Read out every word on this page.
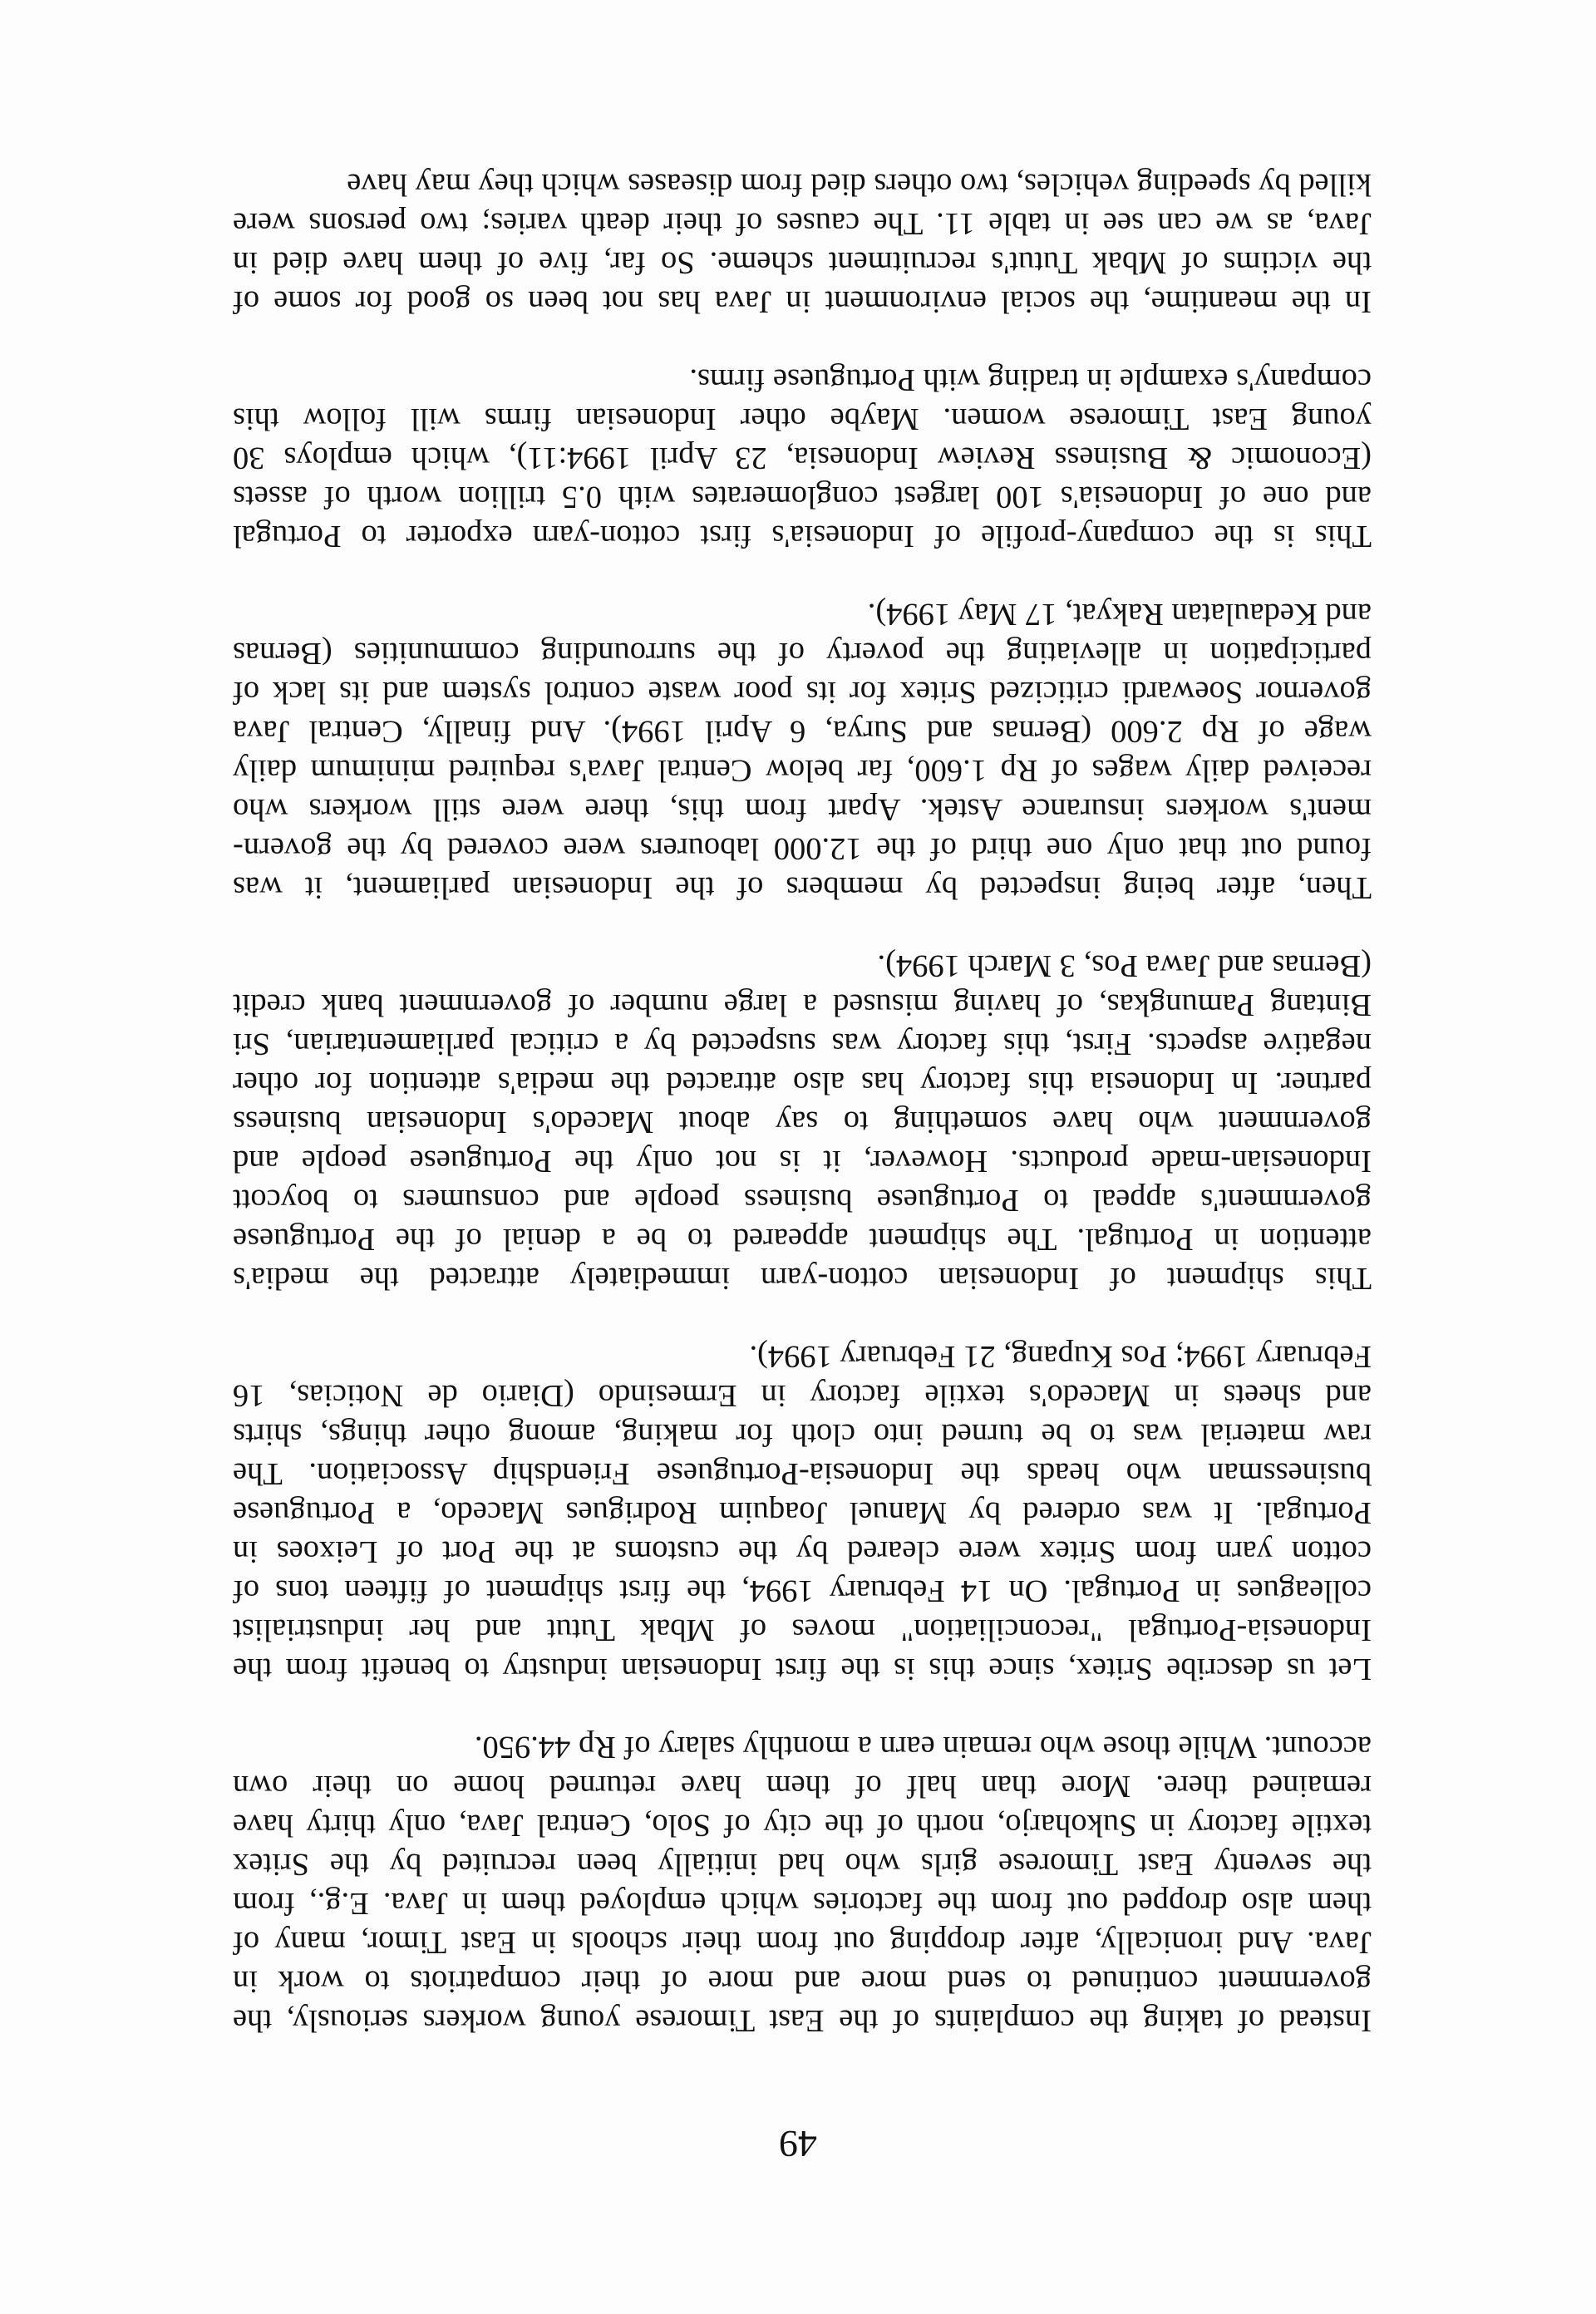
Instead of taking the complaints of the East Timorese young workers seriously, the
government continued to send more and more of their compatriots to work in
Java. And ironically, after dropping out from their schools in East Timor, many of
them also dropped out from the factories which employed them in Java. E.g., from
the seventy East Timorese girls who had initially been recruited by the Sritex
textile factory in Sukoharjo, north of the city of Solo, Central Java, only thirty have
remained there. More than half of them have returned home on their own
account. While those who remain earn a monthly salary of Rp 44.950.
Let us describe Sritex, since this is the first Indonesian industry to benefit from the
Indonesia-Portugal "reconciliation" moves of Mbak Tutut and her industrialist
colleagues in Portugal. On 14 February 1994, the first shipment of fifteen tons of
cotton yarn from Sritex were cleared by the customs at the Port of Leixoes in
Portugal. It was ordered by Manuel Joaquim Rodrigues Macedo, a Portuguese
businessman who heads the Indonesia-Portuguese Friendship Association. The
raw material was to be turned into cloth for making, among other things, shirts
and sheets in Macedo's textile factory in Ermesindo (Diario de Noticias, 16
February 1994; Pos Kupang, 21 February 1994).
This shipment of Indonesian cotton-yarn immediately attracted the media's
attention in Portugal. The shipment appeared to be a denial of the Portuguese
government's appeal to Portuguese business people and consumers to boycott
Indonesian-made products. However, it is not only the Portuguese people and
government who have something to say about Macedo's Indonesian business
partner. In Indonesia this factory has also attracted the media's attention for other
negative aspects. First, this factory was suspected by a critical parliamentarian, Sri
Bintang Pamungkas, of having misused a large number of government bank credit
(Bernas and Jawa Pos, 3 March 1994).
Then, after being inspected by members of the Indonesian parliament, it was
found out that only one third of the 12.000 labourers were covered by the govern-
ment's workers insurance Astek. Apart from this, there were still workers who
received daily wages of Rp 1.600, far below Central Java's required minimum daily
wage of Rp 2.600 (Bernas and Surya, 6 April 1994). And finally, Central Java
governor Soewardi criticized Sritex for its poor waste control system and its lack of
participation in alleviating the poverty of the surrounding communities (Bernas
and Kedaulatan Rakyat, 17 May 1994).
This is the company-profile of Indonesia's first cotton-yarn exporter to Portugal
and one of Indonesia's 100 largest conglomerates with 0.5 trillion worth of assets
(Economic & Business Review Indonesia, 23 April 1994:11), which employs 30
young East Timorese women. Maybe other Indonesian firms will follow this
company's example in trading with Portuguese firms.
In the meantime, the social environment in Java has not been so good for some of
the victims of Mbak Tutut's recruitment scheme. So far, five of them have died in
Java, as we can see in table 11. The causes of their death varies; two persons were
killed by speeding vehicles, two others died from diseases which they may have
49
